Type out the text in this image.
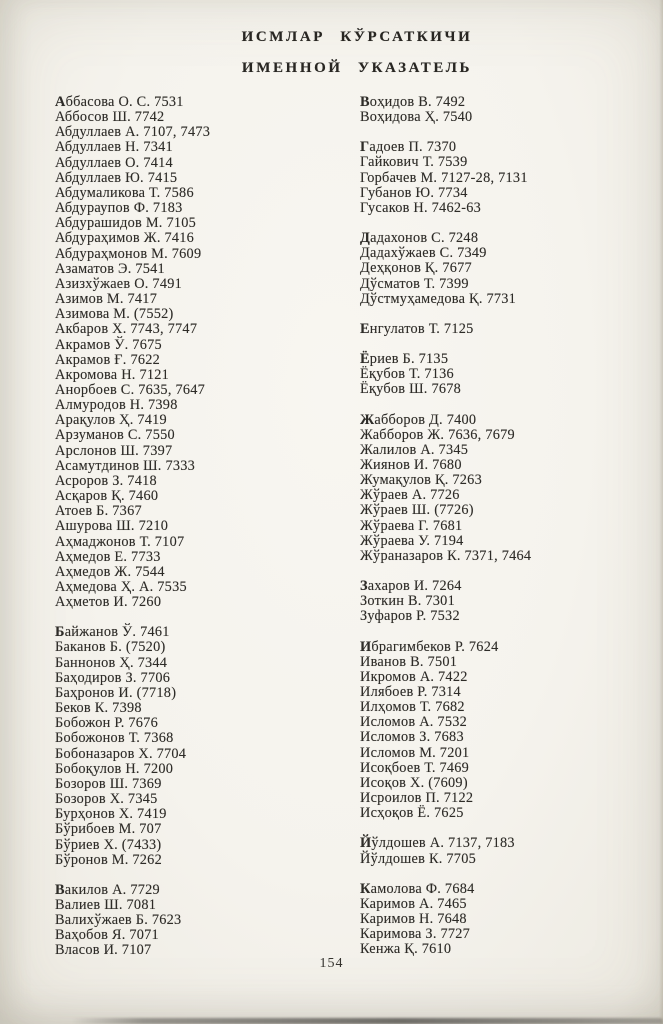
ИСМЛАР КЎРСАТКИЧИ
ИМЕННОЙ УКАЗАТЕЛЬ
Аббасова О. С. 7531
Аббосов Ш. 7742
Абдуллаев А. 7107, 7473
Абдуллаев Н. 7341
Абдуллаев О. 7414
Абдуллаев Ю. 7415
Абдумаликова Т. 7586
Абдураупов Ф. 7183
Абдурашидов М. 7105
Абдураҳимов Ж. 7416
Абдураҳмонов М. 7609
Азаматов Э. 7541
Азизхўжаев О. 7491
Азимов М. 7417
Азимова М. (7552)
Акбаров Х. 7743, 7747
Акрамов Ў. 7675
Акрамов Ғ. 7622
Акромова Н. 7121
Анорбоев С. 7635, 7647
Алмуродов Н. 7398
Арақулов Ҳ. 7419
Арзуманов С. 7550
Арслонов Ш. 7397
Асамутдинов Ш. 7333
Асроров З. 7418
Асқаров Қ. 7460
Атоев Б. 7367
Ашурова Ш. 7210
Аҳмаджонов Т. 7107
Аҳмедов Е. 7733
Аҳмедов Ж. 7544
Аҳмедова Ҳ. А. 7535
Аҳметов И. 7260
Байжанов Ў. 7461
Баканов Б. (7520)
Баннонов Ҳ. 7344
Баҳодиров З. 7706
Баҳронов И. (7718)
Беков К. 7398
Бобожон Р. 7676
Бобожонов Т. 7368
Бобоназаров Х. 7704
Бобоқулов Н. 7200
Бозоров Ш. 7369
Бозоров Х. 7345
Бурҳонов Х. 7419
Бўрибоев М. 707
Бўриев Х. (7433)
Бўронов М. 7262
Вакилов А. 7729
Валиев Ш. 7081
Валихўжаев Б. 7623
Ваҳобов Я. 7071
Власов И. 7107
Воҳидов В. 7492
Воҳидова Ҳ. 7540
Гадоев П. 7370
Гайкович Т. 7539
Горбачев М. 7127-28, 7131
Губанов Ю. 7734
Гусаков Н. 7462-63
Дадахонов С. 7248
Дадахўжаев С. 7349
Деҳқонов Қ. 7677
Дўсматов Т. 7399
Дўстмуҳамедова Қ. 7731
Енгулатов Т. 7125
Ёриев Б. 7135
Ёқубов Т. 7136
Ёқубов Ш. 7678
Жабборов Д. 7400
Жабборов Ж. 7636, 7679
Жалилов А. 7345
Жиянов И. 7680
Жумақулов Қ. 7263
Жўраев А. 7726
Жўраев Ш. (7726)
Жўраева Г. 7681
Жўраева У. 7194
Жўраназаров К. 7371, 7464
Захаров И. 7264
Зоткин В. 7301
Зуфаров Р. 7532
Ибрагимбеков Р. 7624
Иванов В. 7501
Икромов А. 7422
Илябоев Р. 7314
Илҳомов Т. 7682
Исломов А. 7532
Исломов З. 7683
Исломов М. 7201
Исоқбоев Т. 7469
Исоқов Х. (7609)
Исроилов П. 7122
Исҳоқов Ё. 7625
Йўлдошев А. 7137, 7183
Йўлдошев К. 7705
Камолова Ф. 7684
Каримов А. 7465
Каримов Н. 7648
Каримова З. 7727
Кенжа Қ. 7610
154
